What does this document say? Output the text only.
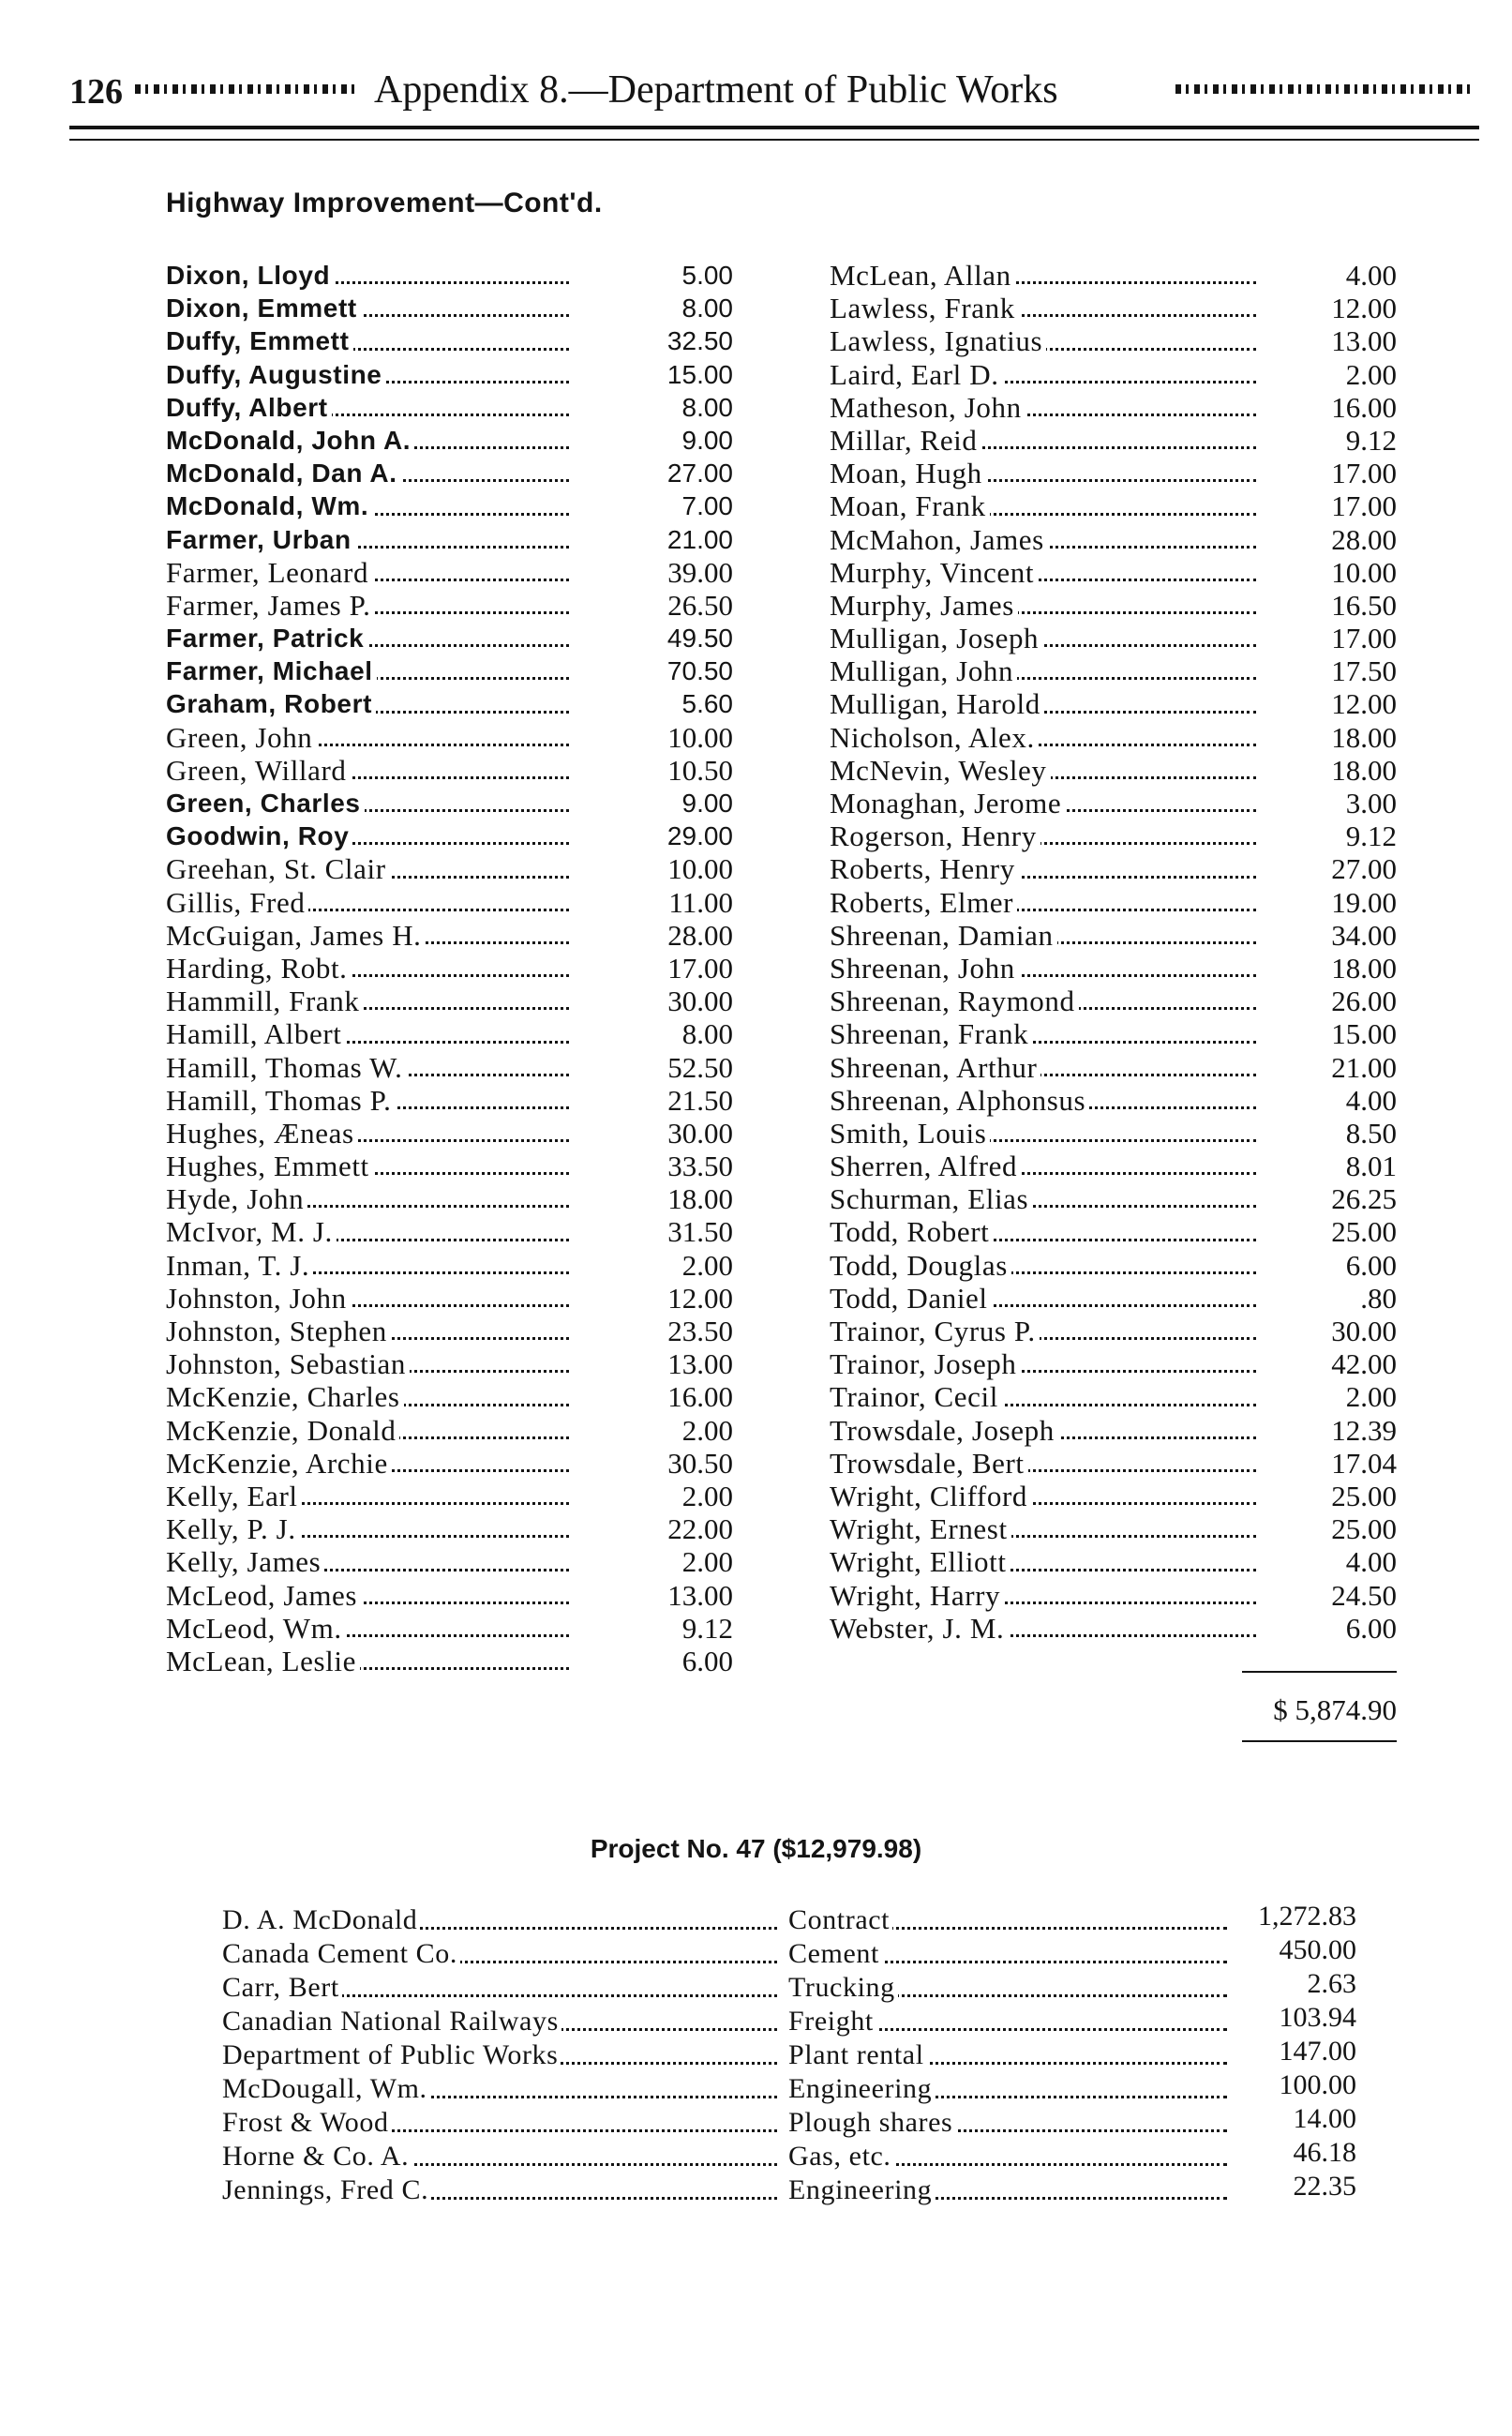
126	Appendix 8.—Department of Public Works
Highway Improvement—Cont'd.
Dixon, Lloyd	5.00
Dixon, Emmett	8.00
Duffy, Emmett	32.50
Duffy, Augustine	15.00
Duffy, Albert	8.00
McDonald, John A.	9.00
McDonald, Dan A.	27.00
McDonald, Wm.	7.00
Farmer, Urban	21.00
Farmer, Leonard	39.00
Farmer, James P.	26.50
Farmer, Patrick	49.50
Farmer, Michael	70.50
Graham, Robert	5.60
Green, John	10.00
Green, Willard	10.50
Green, Charles	9.00
Goodwin, Roy	29.00
Greehan, St. Clair	10.00
Gillis, Fred	11.00
McGuigan, James H.	28.00
Harding, Robt.	17.00
Hammill, Frank	30.00
Hamill, Albert	8.00
Hamill, Thomas W.	52.50
Hamill, Thomas P.	21.50
Hughes, Æneas	30.00
Hughes, Emmett	33.50
Hyde, John	18.00
McIvor, M. J.	31.50
Inman, T. J.	2.00
Johnston, John	12.00
Johnston, Stephen	23.50
Johnston, Sebastian	13.00
McKenzie, Charles	16.00
McKenzie, Donald	2.00
McKenzie, Archie	30.50
Kelly, Earl	2.00
Kelly, P. J.	22.00
Kelly, James	2.00
McLeod, James	13.00
McLeod, Wm.	9.12
McLean, Leslie	6.00
McLean, Allan	4.00
Lawless, Frank	12.00
Lawless, Ignatius	13.00
Laird, Earl D.	2.00
Matheson, John	16.00
Millar, Reid	9.12
Moan, Hugh	17.00
Moan, Frank	17.00
McMahon, James	28.00
Murphy, Vincent	10.00
Murphy, James	16.50
Mulligan, Joseph	17.00
Mulligan, John	17.50
Mulligan, Harold	12.00
Nicholson, Alex.	18.00
McNevin, Wesley	18.00
Monaghan, Jerome	3.00
Rogerson, Henry	9.12
Roberts, Henry	27.00
Roberts, Elmer	19.00
Shreenan, Damian	34.00
Shreenan, John	18.00
Shreenan, Raymond	26.00
Shreenan, Frank	15.00
Shreenan, Arthur	21.00
Shreenan, Alphonsus	4.00
Smith, Louis	8.50
Sherren, Alfred	8.01
Schurman, Elias	26.25
Todd, Robert	25.00
Todd, Douglas	6.00
Todd, Daniel	.80
Trainor, Cyrus P.	30.00
Trainor, Joseph	42.00
Trainor, Cecil	2.00
Trowsdale, Joseph	12.39
Trowsdale, Bert	17.04
Wright, Clifford	25.00
Wright, Ernest	25.00
Wright, Elliott	4.00
Wright, Harry	24.50
Webster, J. M.	6.00
$ 5,874.90
Project No. 47 ($12,979.98)
D. A. McDonald	Contract	1,272.83
Canada Cement Co.	Cement	450.00
Carr, Bert	Trucking	2.63
Canadian National Railways	Freight	103.94
Department of Public Works	Plant rental	147.00
McDougall, Wm.	Engineering	100.00
Frost & Wood	Plough shares	14.00
Horne & Co. A.	Gas, etc.	46.18
Jennings, Fred C.	Engineering	22.35
